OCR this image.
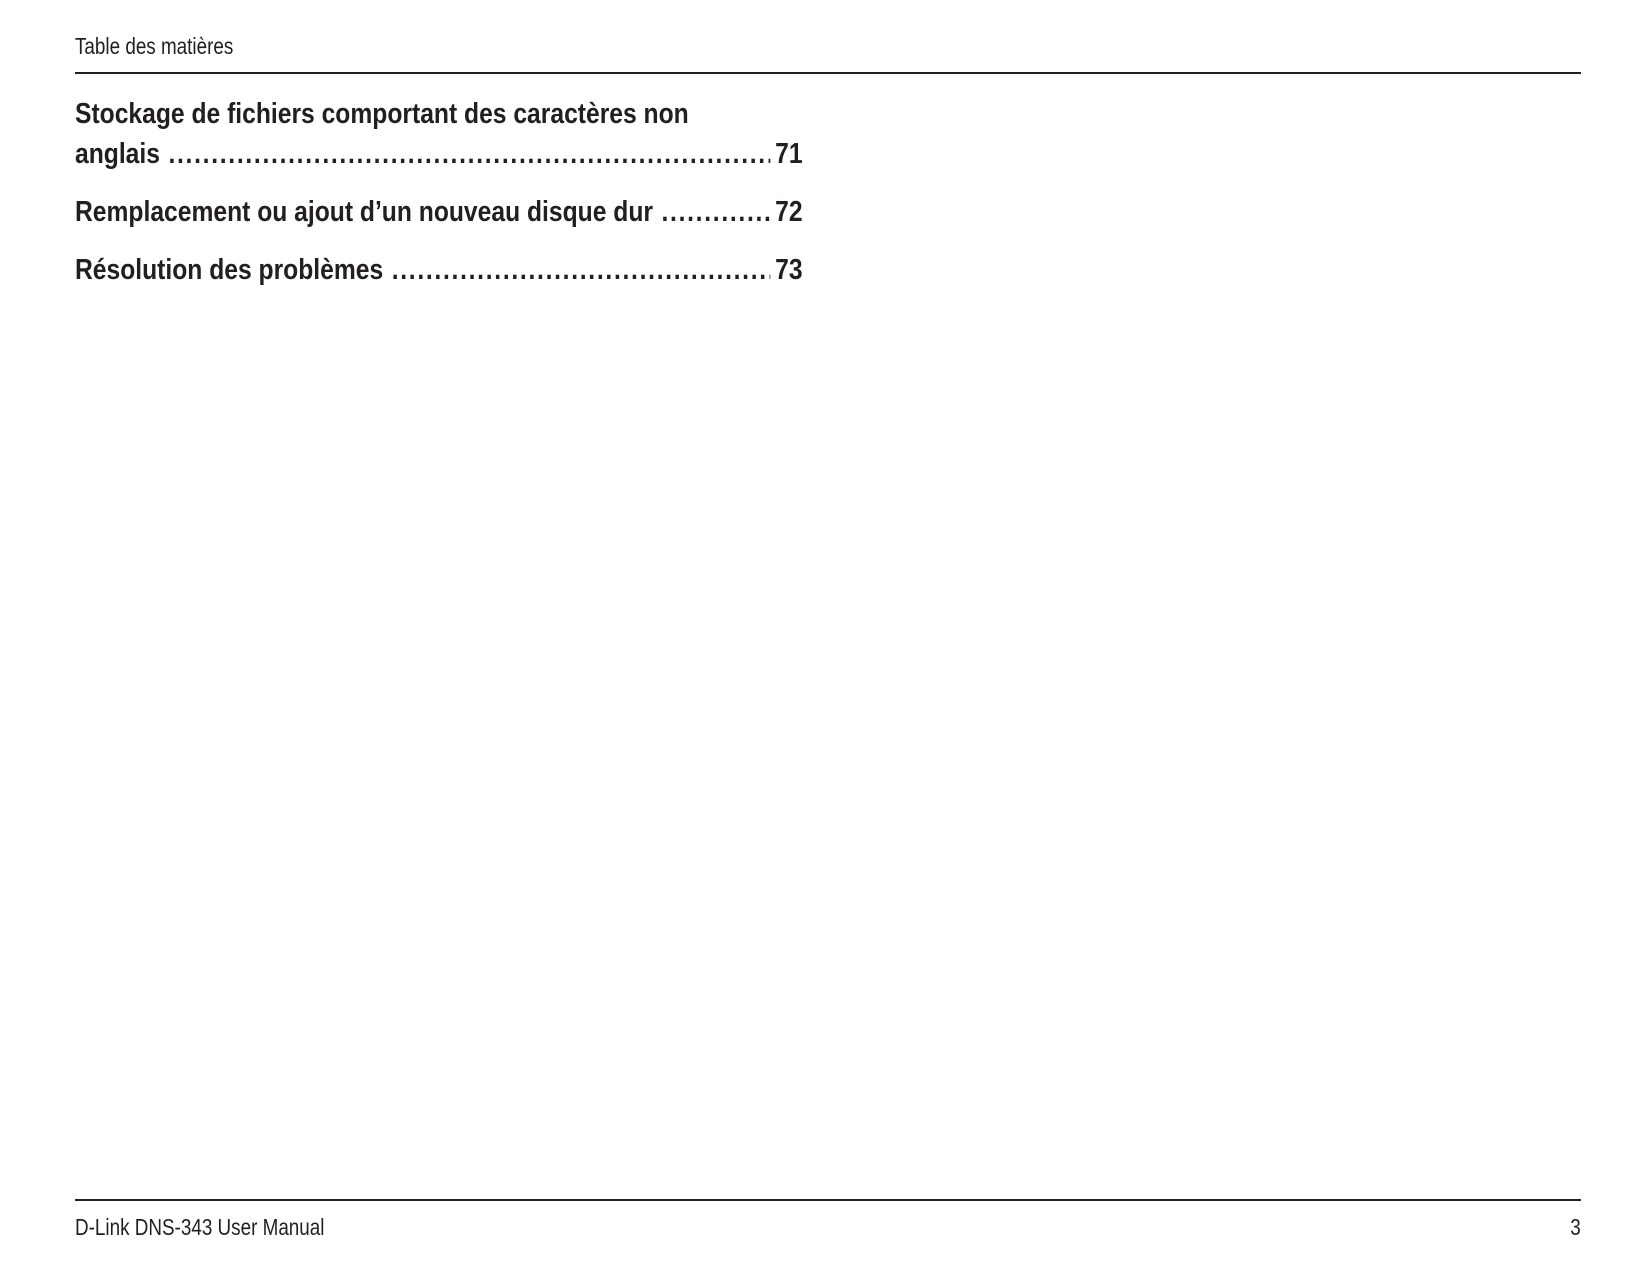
Table des matières
Stockage de fichiers comportant des caractères non
anglais .....	71
Remplacement ou ajout d’un nouveau disque dur .....	72
Résolution des problèmes .....	73
D-Link DNS-343 User Manual	3
